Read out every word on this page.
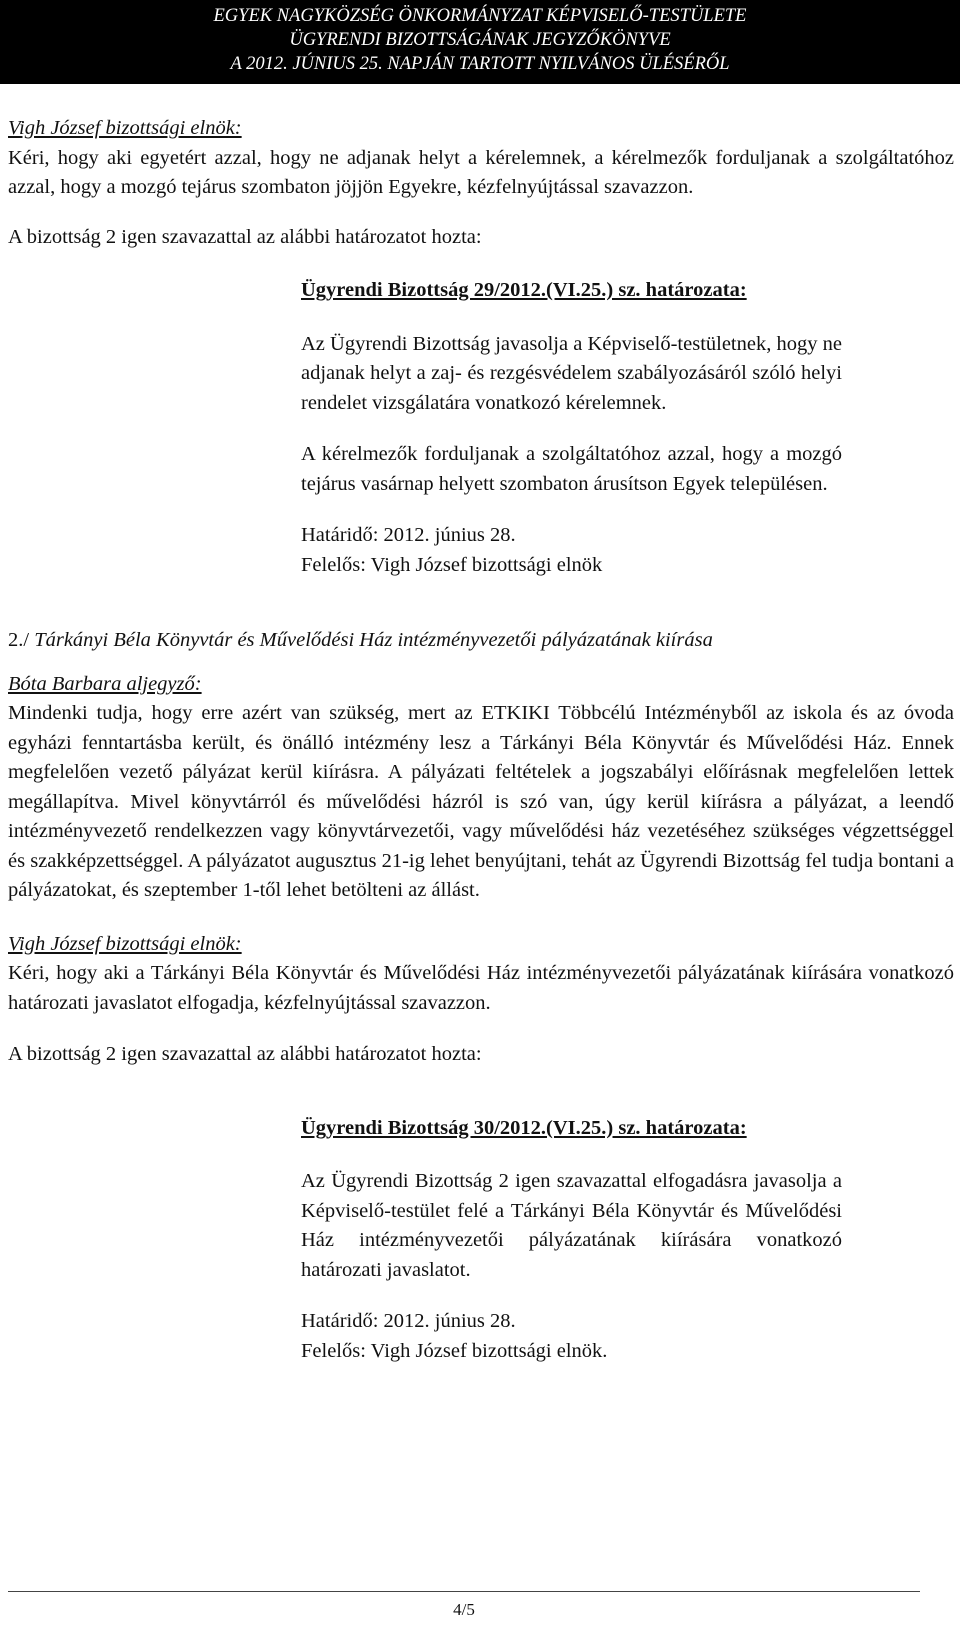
EGYEK NAGYKÖZSÉG ÖNKORMÁNYZAT KÉPVISELŐ-TESTÜLETE
ÜGYRENDI BIZOTTSÁGÁNAK JEGYZŐKÖNYVE
A 2012. JÚNIUS 25. NAPJÁN TARTOTT NYILVÁNOS ÜLÉSÉRŐL

Vigh József bizottsági elnök:

Kéri, hogy aki egyetért azzal, hogy ne adjanak helyt a kérelemnek, a kérelmezők forduljanak a szolgáltatóhoz azzal, hogy a mozgó tejárus szombaton jöjjön Egyekre, kézfelnyújtással szavazzon.

A bizottság 2 igen szavazattal az alábbi határozatot hozta:

Ügyrendi Bizottság 29/2012.(VI.25.) sz. határozata:

Az Ügyrendi Bizottság javasolja a Képviselő-testületnek, hogy ne adjanak helyt a zaj- és rezgésvédelem szabályozásáról szóló helyi rendelet vizsgálatára vonatkozó kérelemnek.

A kérelmezők forduljanak a szolgáltatóhoz azzal, hogy a mozgó tejárus vasárnap helyett szombaton árusítson Egyek településen.

Határidő: 2012. június 28.

Felelős: Vigh József bizottsági elnök

2./ Tárkányi Béla Könyvtár és Művelődési Ház intézményvezetői pályázatának kiírása

Bóta Barbara aljegyző:

Mindenki tudja, hogy erre azért van szükség, mert az ETKIKI Többcélú Intézményből az iskola és az óvoda egyházi fenntartásba került, és önálló intézmény lesz a Tárkányi Béla Könyvtár és Művelődési Ház. Ennek megfelelően vezető pályázat kerül kiírásra. A pályázati feltételek a jogszabályi előírásnak megfelelően lettek megállapítva. Mivel könyvtárról és művelődési házról is szó van, úgy kerül kiírásra a pályázat, a leendő intézményvezető rendelkezzen vagy könyvtárvezetői, vagy művelődési ház vezetéséhez szükséges végzettséggel és szakképzettséggel. A pályázatot augusztus 21-ig lehet benyújtani, tehát az Ügyrendi Bizottság fel tudja bontani a pályázatokat, és szeptember 1-től lehet betölteni az állást.

Vigh József bizottsági elnök:

Kéri, hogy aki a Tárkányi Béla Könyvtár és Művelődési Ház intézményvezetői pályázatának kiírására vonatkozó határozati javaslatot elfogadja, kézfelnyújtással szavazzon.

A bizottság 2 igen szavazattal az alábbi határozatot hozta:

Ügyrendi Bizottság 30/2012.(VI.25.) sz. határozata:

Az Ügyrendi Bizottság 2 igen szavazattal elfogadásra javasolja a Képviselő-testület felé a Tárkányi Béla Könyvtár és Művelődési Ház intézményvezetői pályázatának kiírására vonatkozó határozati javaslatot.

Határidő: 2012. június 28.

Felelős: Vigh József bizottsági elnök.

4/5
